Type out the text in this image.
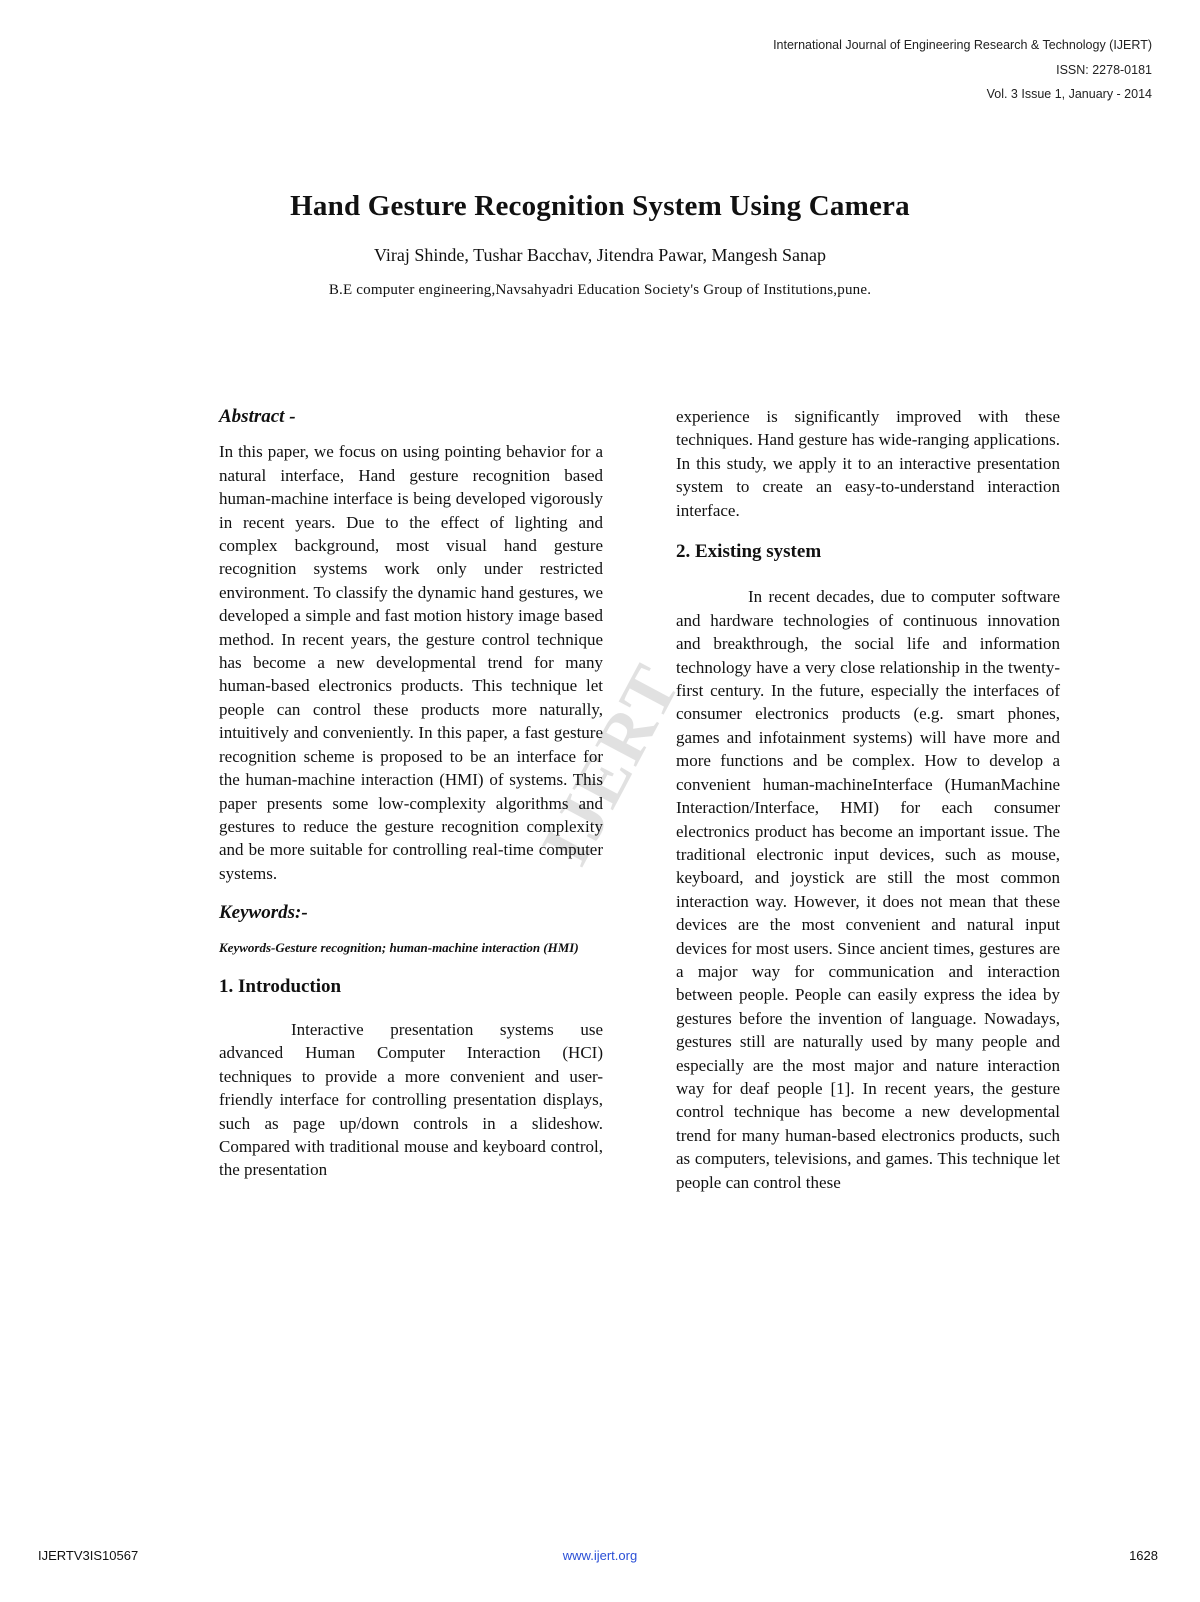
International Journal of Engineering Research & Technology (IJERT)
ISSN: 2278-0181
Vol. 3 Issue 1, January - 2014
Hand Gesture Recognition System Using Camera
Viraj Shinde, Tushar Bacchav, Jitendra Pawar, Mangesh Sanap
B.E computer engineering,Navsahyadri Education Society's Group of Institutions,pune.
IJERT

Abstract -

In this paper, we focus on using pointing behavior for a natural interface, Hand gesture recognition based human-machine interface is being developed vigorously in recent years. Due to the effect of lighting and complex background, most visual hand gesture recognition systems work only under restricted environment. To classify the dynamic hand gestures, we developed a simple and fast motion history image based method. In recent years, the gesture control technique has become a new developmental trend for many human-based electronics products. This technique let people can control these products more naturally, intuitively and conveniently. In this paper, a fast gesture recognition scheme is proposed to be an interface for the human-machine interaction (HMI) of systems. This paper presents some low-complexity algorithms and gestures to reduce the gesture recognition complexity and be more suitable for controlling real-time computer systems.

Keywords:-

Keywords-Gesture recognition; human-machine interaction (HMI)

1. Introduction

Interactive presentation systems use advanced Human Computer Interaction (HCI) techniques to provide a more convenient and user-friendly interface for controlling presentation displays, such as page up/down controls in a slideshow. Compared with traditional mouse and keyboard control, the presentation

experience is significantly improved with these techniques. Hand gesture has wide-ranging applications. In this study, we apply it to an interactive presentation system to create an easy-to-understand interaction interface.

2. Existing system

In recent decades, due to computer software and hardware technologies of continuous innovation and breakthrough, the social life and information technology have a very close relationship in the twenty-first century. In the future, especially the interfaces of consumer electronics products (e.g. smart phones, games and infotainment systems) will have more and more functions and be complex. How to develop a convenient human-machineInterface (HumanMachine Interaction/Interface, HMI) for each consumer electronics product has become an important issue. The traditional electronic input devices, such as mouse, keyboard, and joystick are still the most common interaction way. However, it does not mean that these devices are the most convenient and natural input devices for most users. Since ancient times, gestures are a major way for communication and interaction between people. People can easily express the idea by gestures before the invention of language. Nowadays, gestures still are naturally used by many people and especially are the most major and nature interaction way for deaf people [1]. In recent years, the gesture control technique has become a new developmental trend for many human-based electronics products, such as computers, televisions, and games. This technique let people can control these

IJERTV3IS10567	www.ijert.org	1628
